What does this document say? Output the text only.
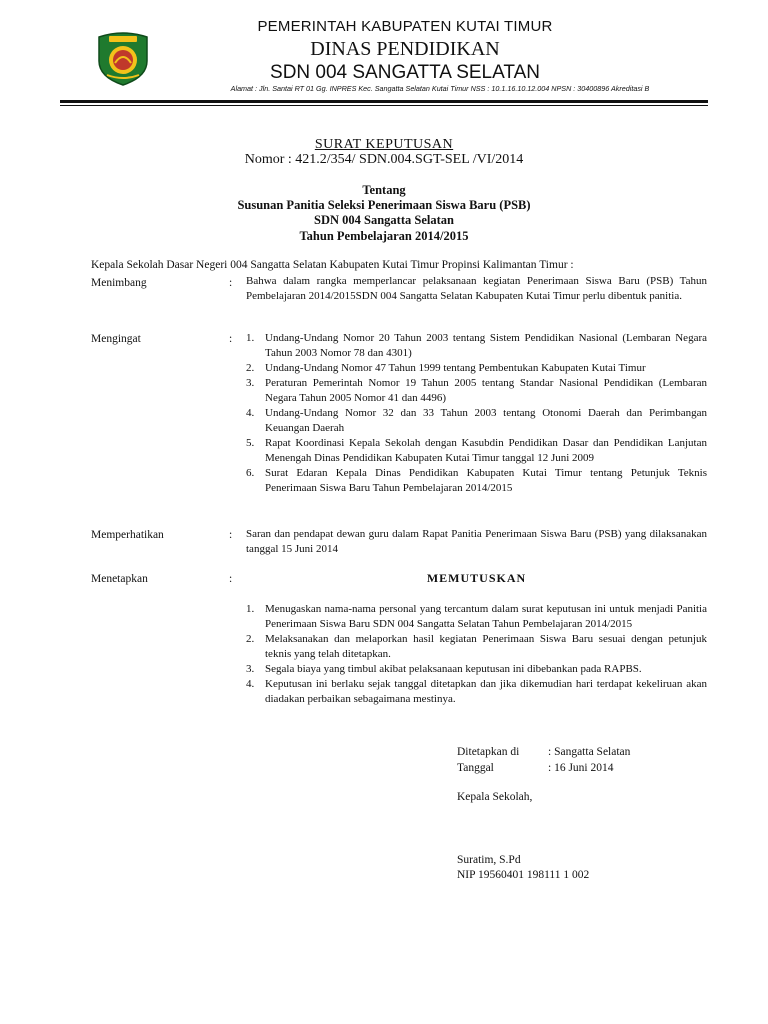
PEMERINTAH KABUPATEN KUTAI TIMUR
DINAS PENDIDIKAN
SDN 004 SANGATTA SELATAN
Alamat : Jln. Santai RT 01 Gg. INPRES Kec. Sangatta Selatan Kutai Timur NSS : 10.1.16.10.12.004 NPSN : 30400896 Akreditasi B
SURAT KEPUTUSAN
Nomor : 421.2/354/ SDN.004.SGT-SEL /VI/2014
Tentang
Susunan Panitia Seleksi Penerimaan Siswa Baru (PSB)
SDN 004 Sangatta Selatan
Tahun Pembelajaran 2014/2015
Kepala Sekolah Dasar Negeri 004 Sangatta Selatan Kabupaten Kutai Timur Propinsi Kalimantan Timur :
Menimbang	: Bahwa dalam rangka memperlancar pelaksanaan kegiatan Penerimaan Siswa Baru (PSB) Tahun Pembelajaran 2014/2015SDN 004 Sangatta Selatan Kabupaten Kutai Timur perlu dibentuk panitia.
Mengingat	: 1. Undang-Undang Nomor 20 Tahun 2003 tentang Sistem Pendidikan Nasional (Lembaran Negara Tahun 2003 Nomor 78 dan 4301)
2. Undang-Undang Nomor 47 Tahun 1999 tentang Pembentukan Kabupaten Kutai Timur
3. Peraturan Pemerintah Nomor 19 Tahun 2005 tentang Standar Nasional Pendidikan (Lembaran Negara Tahun 2005 Nomor 41 dan 4496)
4. Undang-Undang Nomor 32 dan 33 Tahun 2003 tentang Otonomi Daerah dan Perimbangan Keuangan Daerah
5. Rapat Koordinasi Kepala Sekolah dengan Kasubdin Pendidikan Dasar dan Pendidikan Lanjutan Menengah Dinas Pendidikan Kabupaten Kutai Timur tanggal 12 Juni 2009
6. Surat Edaran Kepala Dinas Pendidikan Kabupaten Kutai Timur tentang Petunjuk Teknis Penerimaan Siswa Baru Tahun Pembelajaran 2014/2015
Memperhatikan	: Saran dan pendapat dewan guru dalam Rapat Panitia Penerimaan Siswa Baru (PSB) yang dilaksanakan tanggal 15 Juni 2014
Menetapkan	:	MEMUTUSKAN
1. Menugaskan nama-nama personal yang tercantum dalam surat keputusan ini untuk menjadi Panitia Penerimaan Siswa Baru SDN 004 Sangatta Selatan Tahun Pembelajaran 2014/2015
2. Melaksanakan dan melaporkan hasil kegiatan Penerimaan Siswa Baru sesuai dengan petunjuk teknis yang telah ditetapkan.
3. Segala biaya yang timbul akibat pelaksanaan keputusan ini dibebankan pada RAPBS.
4. Keputusan ini berlaku sejak tanggal ditetapkan dan jika dikemudian hari terdapat kekeliruan akan diadakan perbaikan sebagaimana mestinya.
Ditetapkan di : Sangatta Selatan
Tanggal	: 16 Juni 2014
Kepala Sekolah,
Suratim, S.Pd
NIP 19560401 198111 1 002
